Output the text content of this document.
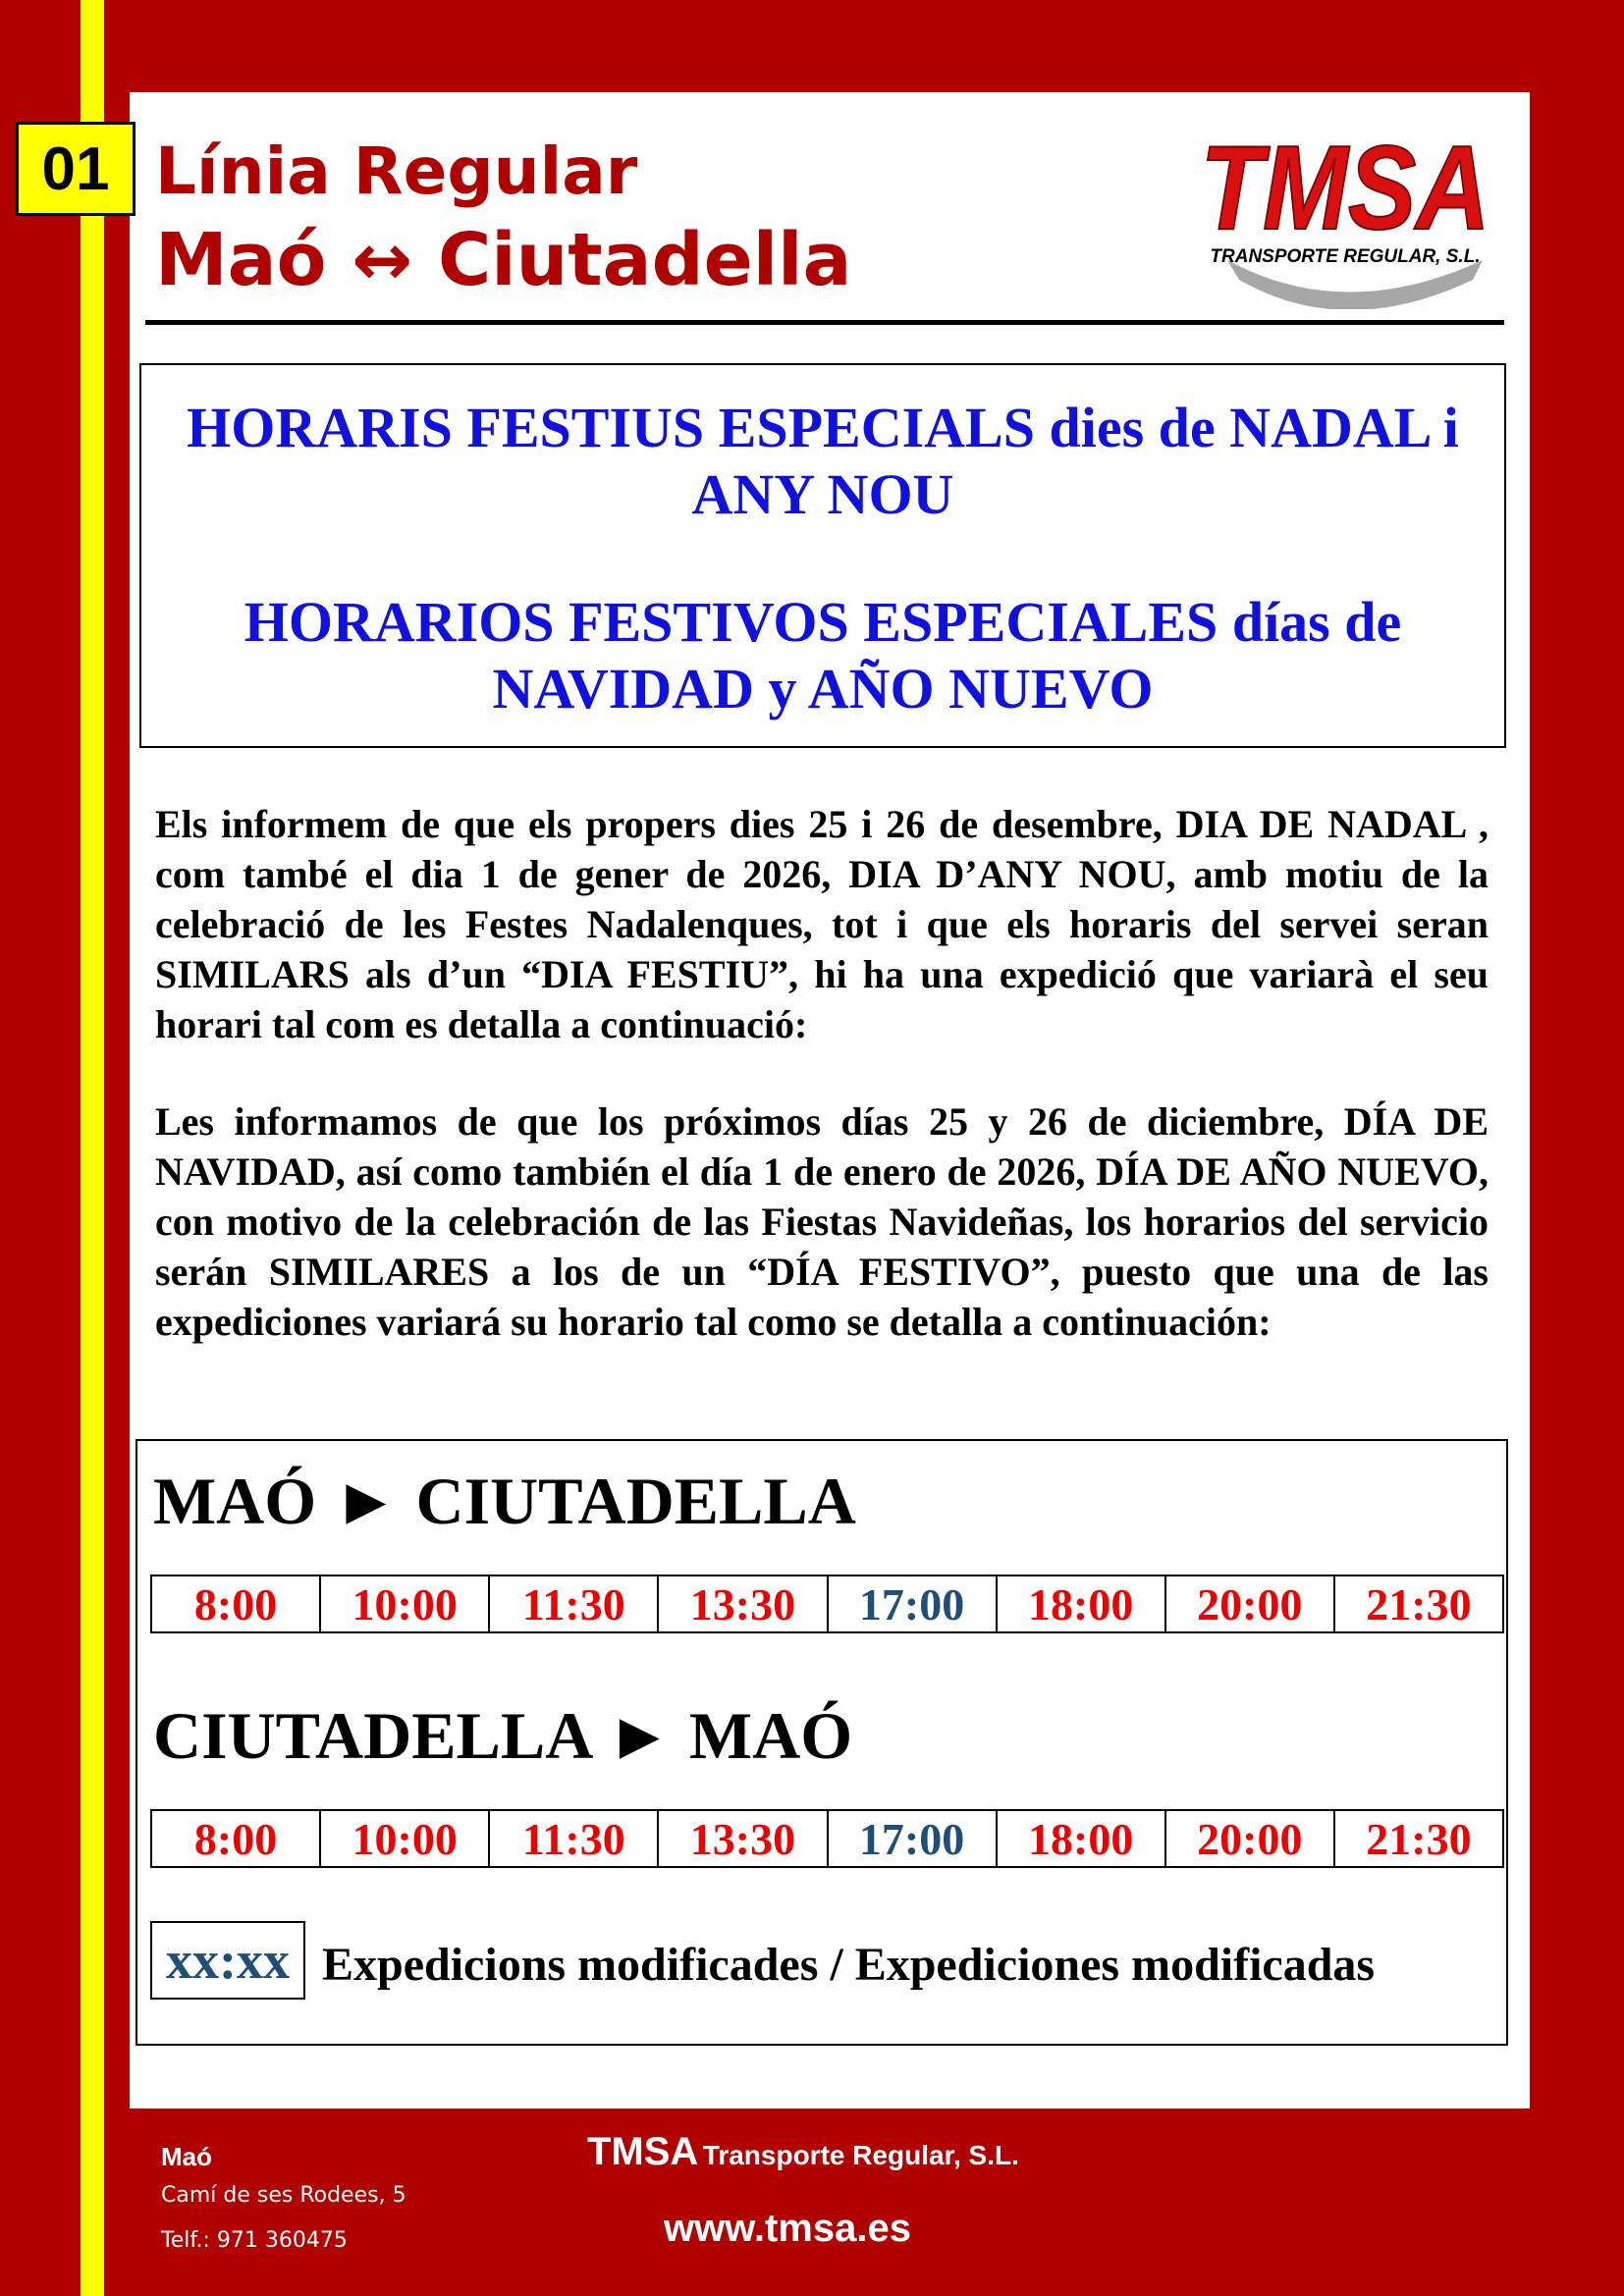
01 Línia Regular
Maó ↔ Ciutadella
TMSA
TRANSPORTE REGULAR, S.L.
HORARIS FESTIUS ESPECIALS dies de NADAL i ANY NOU
HORARIOS FESTIVOS ESPECIALES días de NAVIDAD y AÑO NUEVO

Els informem de que els propers dies 25 i 26 de desembre, DIA DE NADAL , com també el dia 1 de gener de 2026, DIA D’ANY NOU, amb motiu de la celebració de les Festes Nadalenques, tot i que els horaris del servei seran SIMILARS als d’un “DIA FESTIU”, hi ha una expedició que variarà el seu horari tal com es detalla a continuació:

Les informamos de que los próximos días 25 y 26 de diciembre, DÍA DE NAVIDAD, así como también el día 1 de enero de 2026, DÍA DE AÑO NUEVO, con motivo de la celebración de las Fiestas Navideñas, los horarios del servicio serán SIMILARES a los de un “DÍA FESTIVO”, puesto que una de las expediciones variará su horario tal como se detalla a continuación:

MAÓ ► CIUTADELLA
8:00	10:00	11:30	13:30	17:00	18:00	20:00	21:30
CIUTADELLA ► MAÓ
8:00	10:00	11:30	13:30	17:00	18:00	20:00	21:30
xx:xx Expedicions modificades / Expediciones modificadas
Maó
Camí de ses Rodees, 5
Telf.: 971 360475
TMSA Transporte Regular, S.L.
www.tmsa.es
